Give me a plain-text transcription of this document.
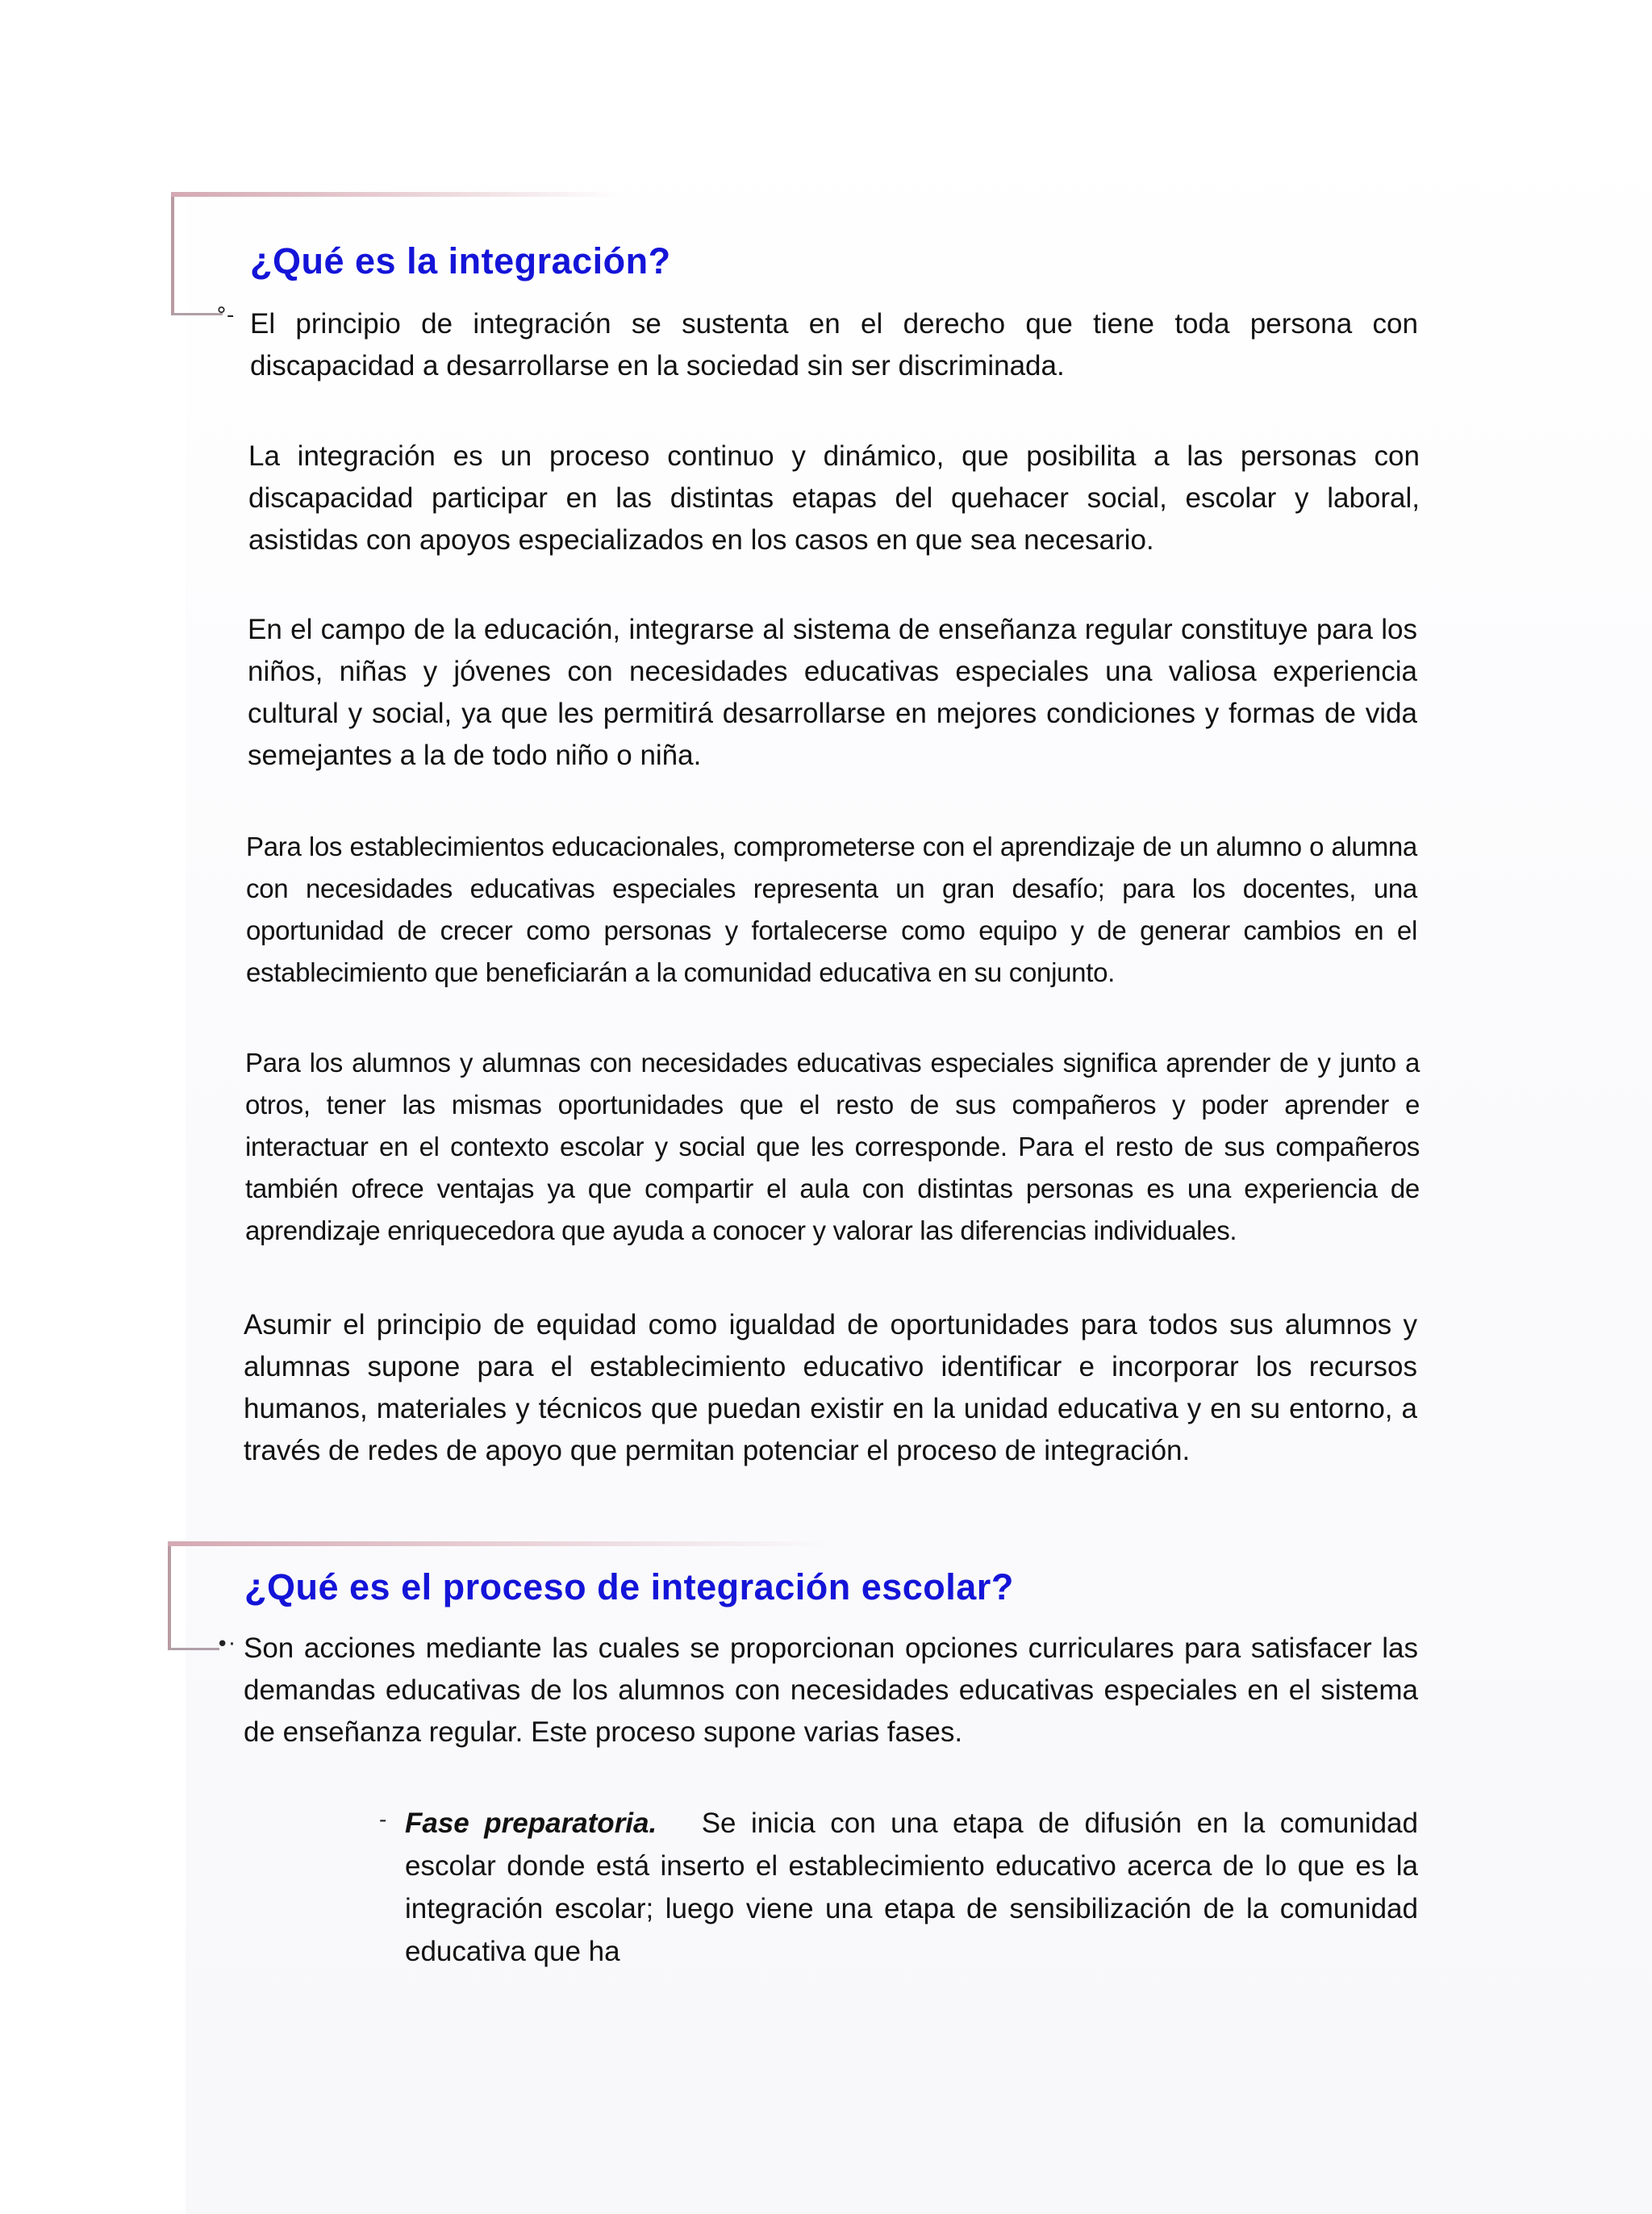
¿Qué es la integración?
°- El principio de integración se sustenta en el derecho que tiene toda persona con discapacidad a desarrollarse en la sociedad sin ser discriminada.
La integración es un proceso continuo y dinámico, que posibilita a las personas con discapacidad participar en las distintas etapas del quehacer social, escolar y laboral, asistidas con apoyos especializados en los casos en que sea necesario.
En el campo de la educación, integrarse al sistema de enseñanza regular constituye para los niños, niñas y jóvenes con necesidades educativas especiales una valiosa experiencia cultural y social, ya que les permitirá desarrollarse en mejores condiciones y formas de vida semejantes a la de todo niño o niña.
Para los establecimientos educacionales, comprometerse con el aprendizaje de un alumno o alumna con necesidades educativas especiales representa un gran desafío; para los docentes, una oportunidad de crecer como personas y fortalecerse como equipo y de generar cambios en el establecimiento que beneficiarán a la comunidad educativa en su conjunto.
Para los alumnos y alumnas con necesidades educativas especiales significa aprender de y junto a otros, tener las mismas oportunidades que el resto de sus compañeros y poder aprender e interactuar en el contexto escolar y social que les corresponde. Para el resto de sus compañeros también ofrece ventajas ya que compartir el aula con distintas personas es una experiencia de aprendizaje enriquecedora que ayuda a conocer y valorar las diferencias individuales.
Asumir el principio de equidad como igualdad de oportunidades para todos sus alumnos y alumnas supone para el establecimiento educativo identificar e incorporar los recursos humanos, materiales y técnicos que puedan existir en la unidad educativa y en su entorno, a través de redes de apoyo que permitan potenciar el proceso de integración.
¿Qué es el proceso de integración escolar?
•· Son acciones mediante las cuales se proporcionan opciones curriculares para satisfacer las demandas educativas de los alumnos con necesidades educativas especiales en el sistema de enseñanza regular. Este proceso supone varias fases.
- Fase preparatoria. Se inicia con una etapa de difusión en la comunidad escolar donde está inserto el establecimiento educativo acerca de lo que es la integración escolar; luego viene una etapa de sensibilización de la comunidad educativa que ha
